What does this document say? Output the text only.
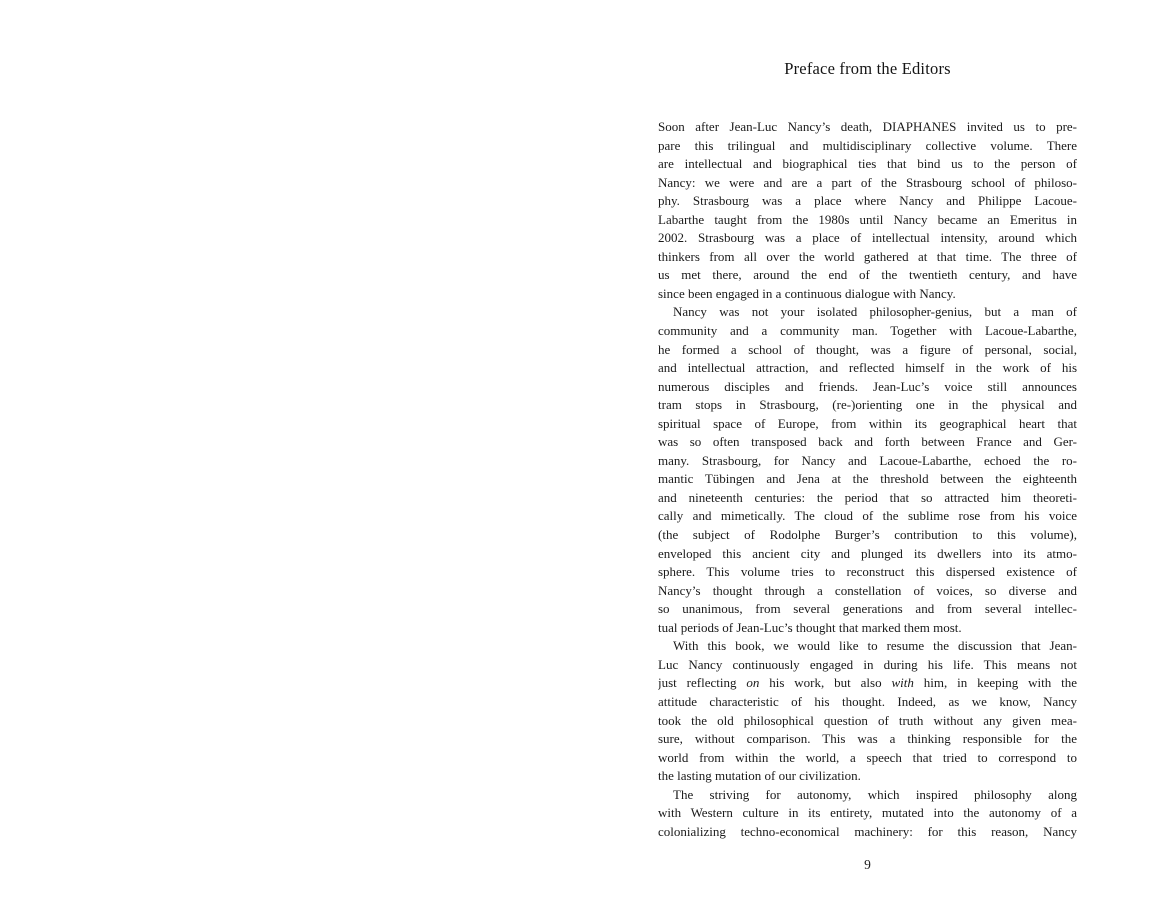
Preface from the Editors
Soon after Jean-Luc Nancy’s death, DIAPHANES invited us to pre-
pare this trilingual and multidisciplinary collective volume. There
are intellectual and biographical ties that bind us to the person of
Nancy: we were and are a part of the Strasbourg school of philoso-
phy. Strasbourg was a place where Nancy and Philippe Lacoue-
Labarthe taught from the 1980s until Nancy became an Emeritus in
2002. Strasbourg was a place of intellectual intensity, around which
thinkers from all over the world gathered at that time. The three of
us met there, around the end of the twentieth century, and have
since been engaged in a continuous dialogue with Nancy.
Nancy was not your isolated philosopher-genius, but a man of
community and a community man. Together with Lacoue-Labarthe,
he formed a school of thought, was a figure of personal, social,
and intellectual attraction, and reflected himself in the work of his
numerous disciples and friends. Jean-Luc’s voice still announces
tram stops in Strasbourg, (re-)orienting one in the physical and
spiritual space of Europe, from within its geographical heart that
was so often transposed back and forth between France and Ger-
many. Strasbourg, for Nancy and Lacoue-Labarthe, echoed the ro-
mantic Tübingen and Jena at the threshold between the eighteenth
and nineteenth centuries: the period that so attracted him theoreti-
cally and mimetically. The cloud of the sublime rose from his voice
(the subject of Rodolphe Burger’s contribution to this volume),
enveloped this ancient city and plunged its dwellers into its atmo-
sphere. This volume tries to reconstruct this dispersed existence of
Nancy’s thought through a constellation of voices, so diverse and
so unanimous, from several generations and from several intellec-
tual periods of Jean-Luc’s thought that marked them most.
With this book, we would like to resume the discussion that Jean-
Luc Nancy continuously engaged in during his life. This means not
just reflecting on his work, but also with him, in keeping with the
attitude characteristic of his thought. Indeed, as we know, Nancy
took the old philosophical question of truth without any given mea-
sure, without comparison. This was a thinking responsible for the
world from within the world, a speech that tried to correspond to
the lasting mutation of our civilization.
The striving for autonomy, which inspired philosophy along
with Western culture in its entirety, mutated into the autonomy of a
colonializing techno-economical machinery: for this reason, Nancy
9
